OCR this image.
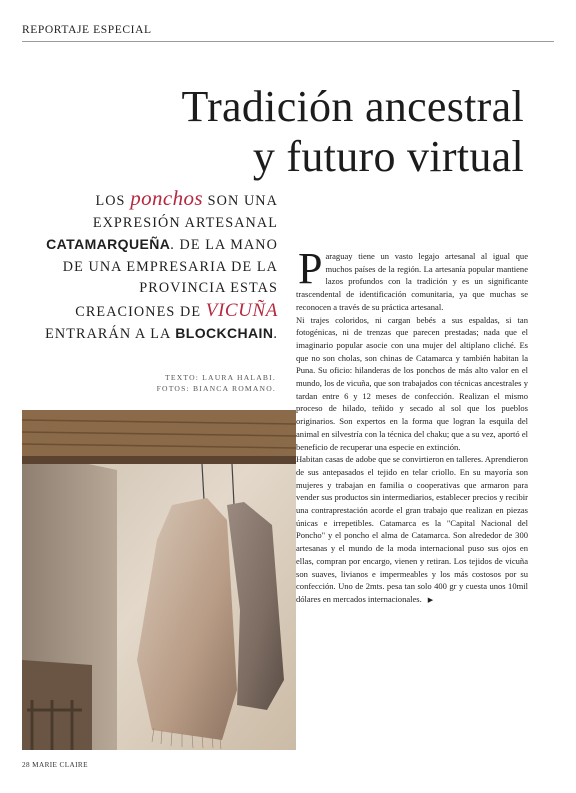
REPORTAJE ESPECIAL
Tradición ancestral
y futuro virtual
LOS ponchos SON UNA EXPRESIÓN ARTESANAL CATAMARQUEÑA. DE LA MANO DE UNA EMPRESARIA DE LA PROVINCIA ESTAS CREACIONES DE VICUÑA ENTRARÁN A LA BLOCKCHAIN.
TEXTO: LAURA HALABI.
FOTOS: BIANCA ROMANO.

Paraguay tiene un vasto legajo artesanal al igual que muchos países de la región. La artesanía popular mantiene lazos profundos con la tradición y es un significante trascendental de identificación comunitaria, ya que muchas se reconocen a través de su práctica artesanal.

Ni trajes coloridos, ni cargan bebés a sus espaldas, si tan fotogénicas, ni de trenzas que parecen prestadas; nada que el imaginario popular asocie con una mujer del altiplano cliché. Es que no son cholas, son chinas de Catamarca y también habitan la Puna. Su oficio: hilanderas de los ponchos de más alto valor en el mundo, los de vicuña, que son trabajados con técnicas ancestrales y tardan entre 6 y 12 meses de confección. Realizan el mismo proceso de hilado, teñido y secado al sol que los pueblos originarios. Son expertos en la forma que logran la esquila del animal en silvestría con la técnica del chaku; que a su vez, aportó el beneficio de recuperar una especie en extinción.

Habitan casas de adobe que se convirtieron en talleres. Aprendieron de sus antepasados el tejido en telar criollo. En su mayoría son mujeres y trabajan en familia o cooperativas que armaron para vender sus productos sin intermediarios, establecer precios y recibir una contraprestación acorde el gran trabajo que realizan en piezas únicas e irrepetibles. Catamarca es la "Capital Nacional del Poncho" y el poncho el alma de Catamarca. Son alrededor de 300 artesanas y el mundo de la moda internacional puso sus ojos en ellas, compran por encargo, vienen y retiran. Los tejidos de vicuña son suaves, livianos e impermeables y los más costosos por su confección. Uno de 2mts. pesa tan solo 400 gr y cuesta unos 10mil dólares en mercados internacionales. ▶

28 MARIE CLAIRE
